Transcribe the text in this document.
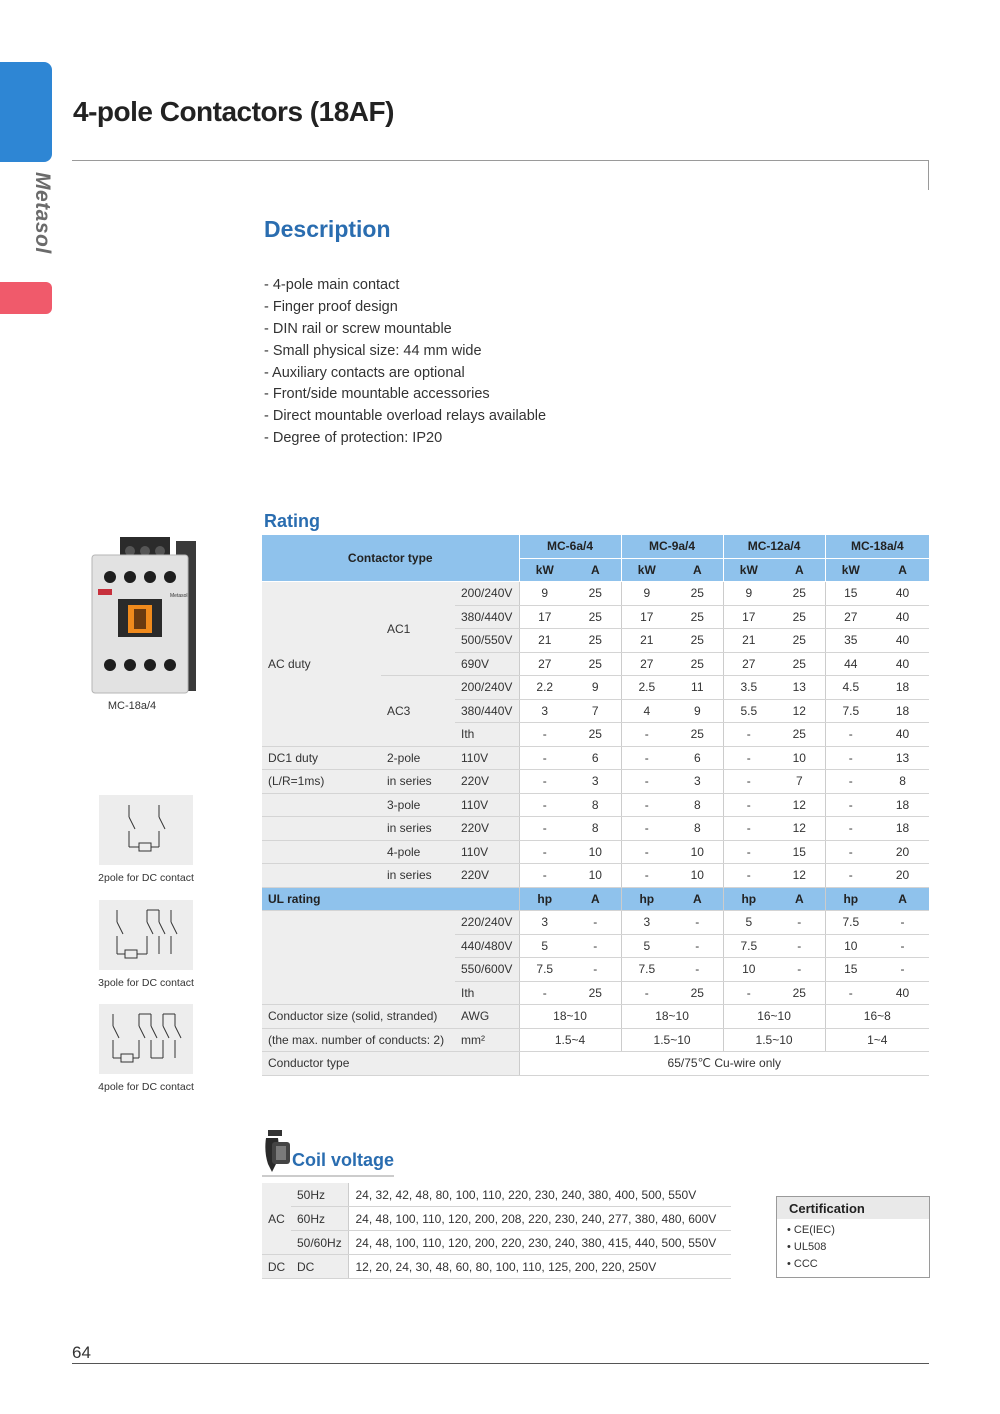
Metasol
4-pole Contactors (18AF)
Description
- 4-pole main contact
- Finger proof design
- DIN rail or screw mountable
- Small physical size: 44 mm wide
- Auxiliary contacts are optional
- Front/side mountable accessories
- Direct mountable overload relays available
- Degree of protection: IP20
Metasol
MC-18a/4
2pole for DC contact
3pole for DC contact
4pole for DC contact
Rating
Contactor type			MC-6a/4		MC-9a/4		MC-12a/4		MC-18a/4	
			kW	A	kW	A	kW	A	kW	A
AC duty	AC1	200/240V	9	25	9	25	9	25	15	40
		380/440V	17	25	17	25	17	25	27	40
		500/550V	21	25	21	25	21	25	35	40
		690V	27	25	27	25	27	25	44	40
	AC3	200/240V	2.2	9	2.5	11	3.5	13	4.5	18
		380/440V	3	7	4	9	5.5	12	7.5	18
		Ith	-	25	-	25	-	25	-	40
DC1 duty	2-pole	110V	-	6	-	6	-	10	-	13
(L/R=1ms)	in series	220V	-	3	-	3	-	7	-	8
	3-pole	110V	-	8	-	8	-	12	-	18
	in series	220V	-	8	-	8	-	12	-	18
	4-pole	110V	-	10	-	10	-	15	-	20
	in series	220V	-	10	-	10	-	12	-	20
UL rating			hp	A	hp	A	hp	A	hp	A
		220/240V	3	-	3	-	5	-	7.5	-
		440/480V	5	-	5	-	7.5	-	10	-
		550/600V	7.5	-	7.5	-	10	-	15	-
		Ith	-	25	-	25	-	25	-	40
Conductor size (solid, stranded)		AWG	18~10		18~10		16~10		16~8	
(the max. number of conducts: 2)		mm²	1.5~4		1.5~10		1.5~10		1~4	
Conductor type			65/75℃ Cu-wire only							
Coil voltage
AC	50Hz	24, 32, 42, 48, 80, 100, 110, 220, 230, 240, 380, 400, 500, 550V
	60Hz	24, 48, 100, 110, 120, 200, 208, 220, 230, 240, 277, 380, 480, 600V
	50/60Hz	24, 48, 100, 110, 120, 200, 220, 230, 240, 380, 415, 440, 500, 550V
DC	DC	12, 20, 24, 30, 48, 60, 80, 100, 110, 125, 200, 220, 250V
Certification
• CE(IEC)
• UL508
• CCC
64
